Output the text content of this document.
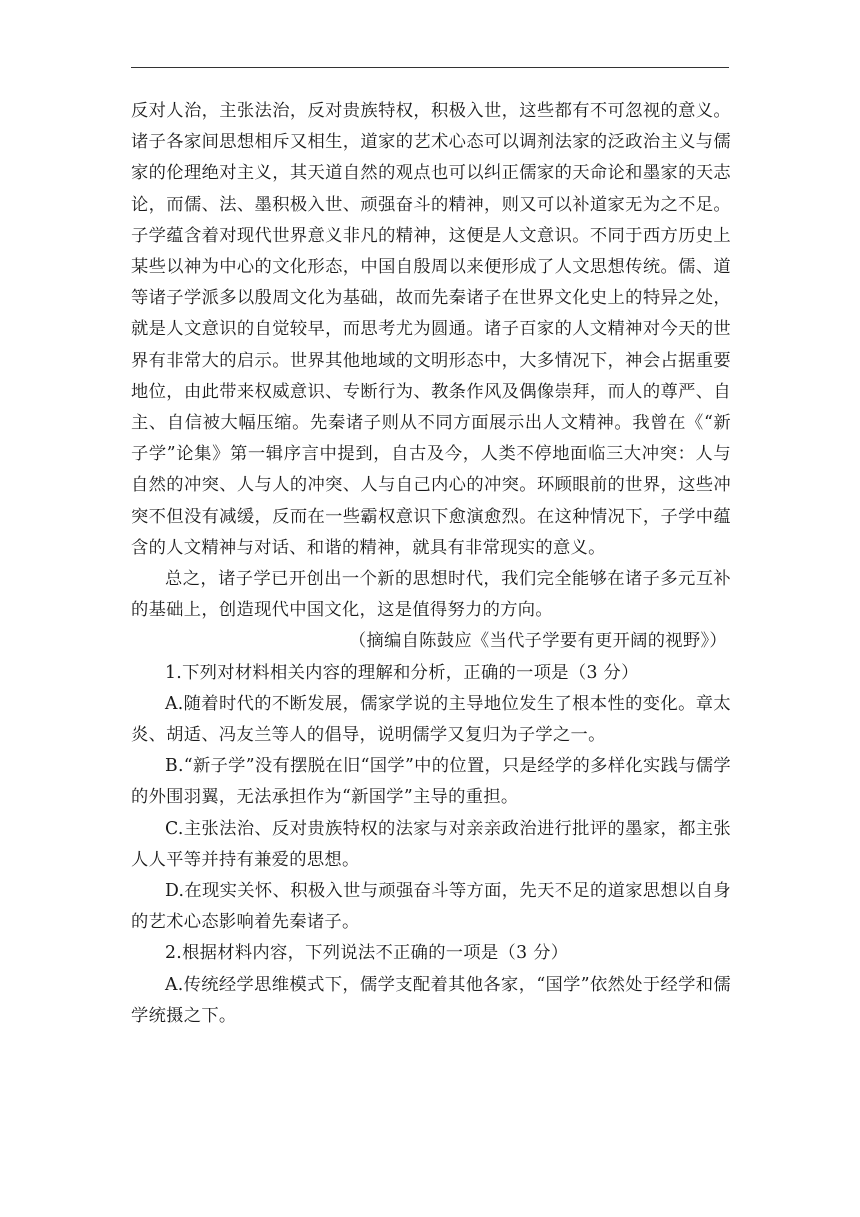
反对人治，主张法治，反对贵族特权，积极入世，这些都有不可忽视的意义。诸子各家间思想相斥又相生，道家的艺术心态可以调剂法家的泛政治主义与儒家的伦理绝对主义，其天道自然的观点也可以纠正儒家的天命论和墨家的天志论，而儒、法、墨积极入世、顽强奋斗的精神，则又可以补道家无为之不足。子学蕴含着对现代世界意义非凡的精神，这便是人文意识。不同于西方历史上某些以神为中心的文化形态，中国自殷周以来便形成了人文思想传统。儒、道等诸子学派多以殷周文化为基础，故而先秦诸子在世界文化史上的特异之处，就是人文意识的自觉较早，而思考尤为圆通。诸子百家的人文精神对今天的世界有非常大的启示。世界其他地域的文明形态中，大多情况下，神会占据重要地位，由此带来权威意识、专断行为、教条作风及偶像崇拜，而人的尊严、自主、自信被大幅压缩。先秦诸子则从不同方面展示出人文精神。我曾在《“新子学”论集》第一辑序言中提到，自古及今，人类不停地面临三大冲突：人与自然的冲突、人与人的冲突、人与自己内心的冲突。环顾眼前的世界，这些冲突不但没有减缓，反而在一些霸权意识下愈演愈烈。在这种情况下，子学中蕴含的人文精神与对话、和谐的精神，就具有非常现实的意义。

总之，诸子学已开创出一个新的思想时代，我们完全能够在诸子多元互补的基础上，创造现代中国文化，这是值得努力的方向。

（摘编自陈鼓应《当代子学要有更开阔的视野》）

1.下列对材料相关内容的理解和分析，正确的一项是（3 分）

A.随着时代的不断发展，儒家学说的主导地位发生了根本性的变化。章太炎、胡适、冯友兰等人的倡导，说明儒学又复归为子学之一。

B.“新子学”没有摆脱在旧“国学”中的位置，只是经学的多样化实践与儒学的外围羽翼，无法承担作为“新国学”主导的重担。

C.主张法治、反对贵族特权的法家与对亲亲政治进行批评的墨家，都主张人人平等并持有兼爱的思想。

D.在现实关怀、积极入世与顽强奋斗等方面，先天不足的道家思想以自身的艺术心态影响着先秦诸子。

2.根据材料内容，下列说法不正确的一项是（3 分）

A.传统经学思维模式下，儒学支配着其他各家，“国学”依然处于经学和儒学统摄之下。
